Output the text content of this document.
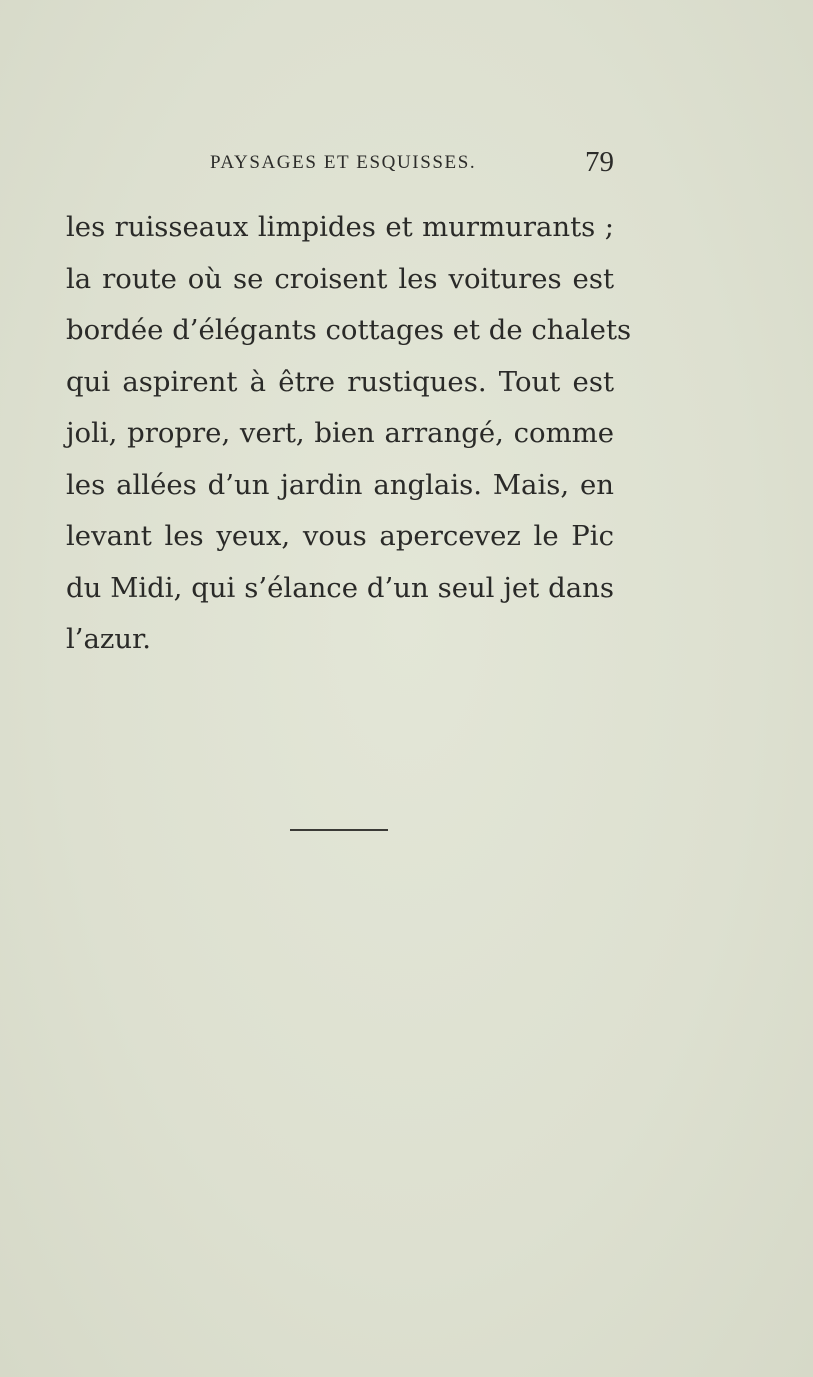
PAYSAGES ET ESQUISSES.	79
les ruisseaux limpides et murmurants ;
la route où se croisent les voitures est
bordée d’élégants cottages et de chalets
qui aspirent à être rustiques. Tout est
joli, propre, vert, bien arrangé, comme
les allées d’un jardin anglais. Mais, en
levant les yeux, vous apercevez le Pic
du Midi, qui s’élance d’un seul jet dans
l’azur.
